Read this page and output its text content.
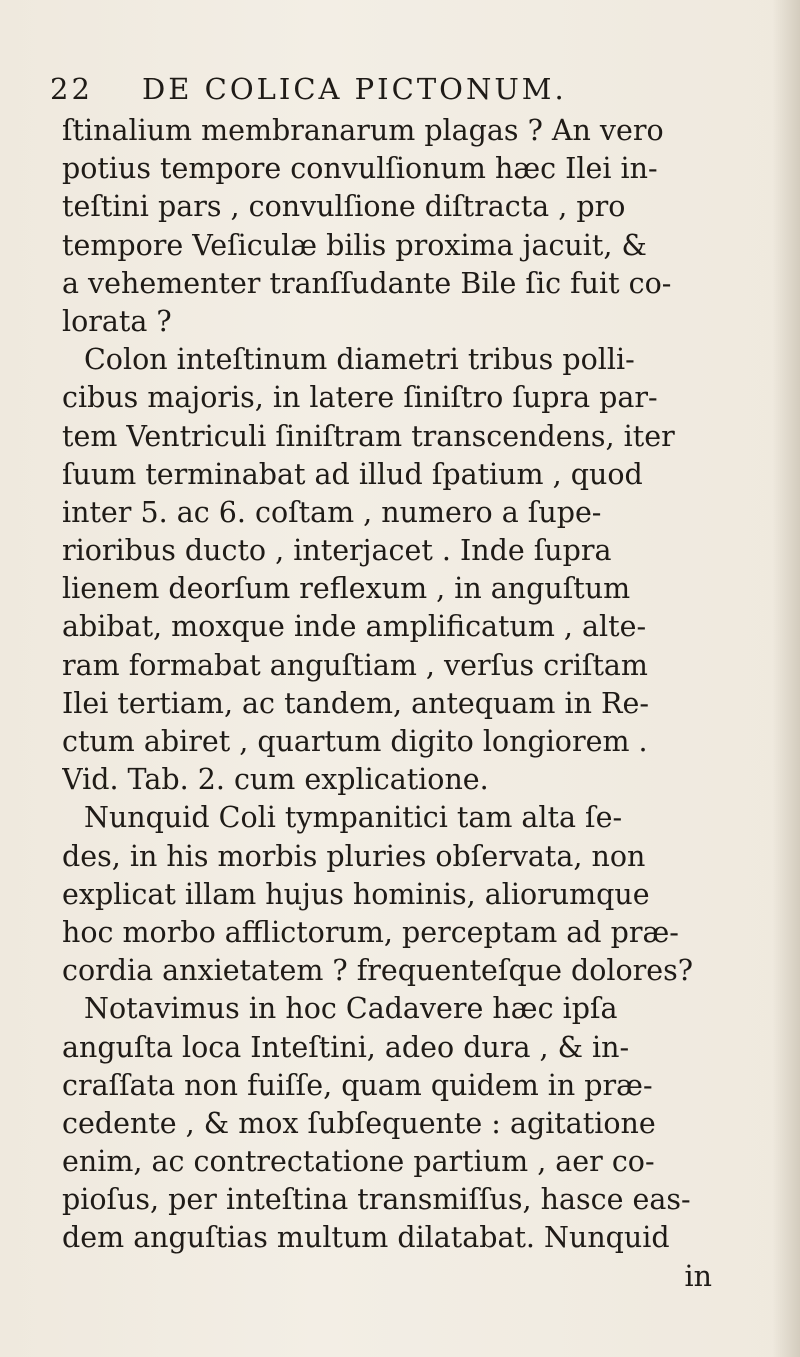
22 DE COLICA PICTONUM.
ſtinalium membranarum plagas ? An vero
potius tempore convulſionum hæc Ilei in-
teſtini pars , convulſione diſtracta , pro
tempore Veſiculæ bilis proxima jacuit, &
a vehementer tranſſudante Bile ſic fuit co-
lorata ?
Colon inteſtinum diametri tribus polli-
cibus majoris, in latere ſiniſtro ſupra par-
tem Ventriculi ſiniſtram transcendens, iter
ſuum terminabat ad illud ſpatium , quod
inter 5. ac 6. coſtam , numero a ſupe-
rioribus ducto , interjacet . Inde ſupra
lienem deorſum reflexum , in anguſtum
abibat, moxque inde amplificatum , alte-
ram formabat anguſtiam , verſus criſtam
Ilei tertiam, ac tandem, antequam in Re-
ctum abiret , quartum digito longiorem .
Vid. Tab. 2. cum explicatione.
Nunquid Coli tympanitici tam alta ſe-
des, in his morbis pluries obſervata, non
explicat illam hujus hominis, aliorumque
hoc morbo afflictorum, perceptam ad præ-
cordia anxietatem ? frequenteſque dolores?
Notavimus in hoc Cadavere hæc ipſa
anguſta loca Inteſtini, adeo dura , & in-
craſſata non fuiſſe, quam quidem in præ-
cedente , & mox ſubſequente : agitatione
enim, ac contrectatione partium , aer co-
pioſus, per inteſtina transmiſſus, hasce eas-
dem anguſtias multum dilatabat. Nunquid
in
